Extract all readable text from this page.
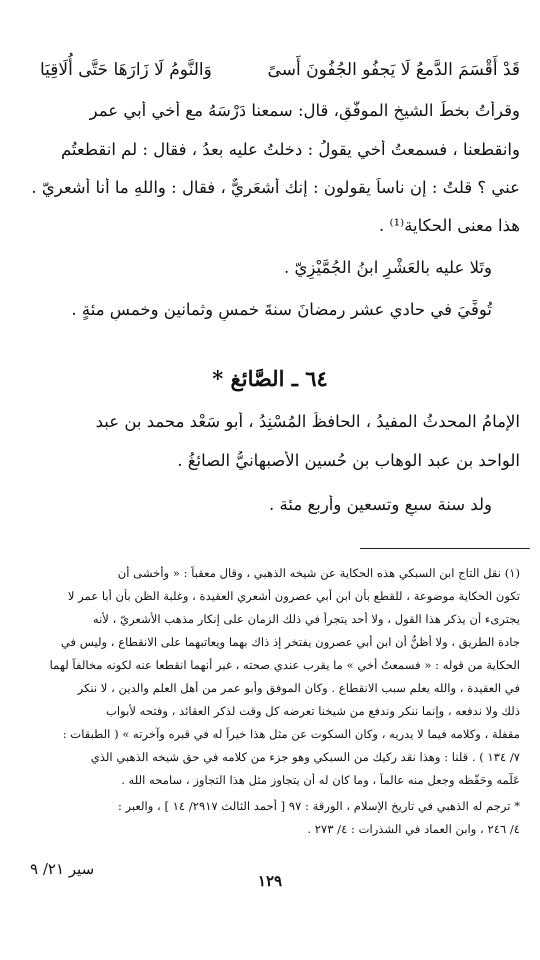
قَدْ أَقْسَمَ الدَّمعُ لَا يَجفُو الجُفُونَ أَسىً
وَالنَّومُ لَا زَارَهَا حَتَّى أُلَاقِيَا
وقرأتُ بخطِّ الشيخِ الموفَّقِ، قال: سمعنا دَرْسَهُ مع أخي أبي عمر
وانقطعنا ، فسمعتُ أخي يقولُ : دخلتُ عليه بعدُ ، فقال : لم انقطعتُم
عني ؟ قلتُ : إن ناساً يقولون : إنك أشعَريٌّ ، فقال : واللهِ ما أنا أشعريّ .
هذا معنى الحكاية⁽¹⁾ .
وتَلا عليه بالعَشْرِ ابنُ الجُمَّيْزِيّ .
تُوفِّيَ في حادي عشر رمضانَ سنةَ خمسٍ وثمانين وخمسِ مئةٍ .
٦٤ ـ الصَّائغ *
الإمامُ المحدثُ المفيدُ ، الحافظُ المُسْنِدُ ، أبو سَعْد محمد بن عبد
الواحد بن عبد الوهاب بن حُسين الأصبهانيُّ الصائغُ .
ولد سنة سبعٍ وتسعين وأربع مئة .
(١) نقل التاج ابن السبكي هذه الحكاية عن شيخه الذهبي ، وقال معقباً : « وأخشى أن
تكون الحكاية موضوعة ، للقطع بأن ابن أبي عصرون أشعري العقيدة ، وغلبة الظن بأن أبا عمر لا
يجترىء أن يذكر هذا القول ، ولا أحد يتجرأ في ذلك الزمان على إنكار مذهب الأشعريّ ، لأنه
جادة الطريق ، ولا أظنُّ أن ابن أبي عصرون يفتخر إذ ذاك بهما ويعاتبهما على الانقطاع ، وليس في
الحكاية من قوله : « فسمعتُ أخي » ما يقرب عندي صحته ، غير أنهما انقطعا عنه لكونه مخالفاً لهما
في العقيدة ، والله يعلم سبب الانقطاع . وكان الموفق وأبو عمر من أهل العلم والدين ، لا ننكر
ذلك ولا ندفعه ، وإنما ننكر وندفع من شيخنا تعرضه كل وقت لذكر العقائد ، وفتحه لأبواب
مقفلة ، وكلامه فيما لا يدريه ، وكان السكوت عن مثل هذا خيراً له في قبره وآخرته » ( الطبقات :
٧/ ١٣٤ ) . قلنا : وهذا نقد ركيك من السبكي وهو جزء من كلامه في حق شيخه الذهبي الذي
عَلّمه وحَفّظه وجعل منه عالماً ، وما كان له أن يتجاوز مثل هذا التجاوز ، سامحه الله .
* ترجم له الذهبي في تاريخ الإسلام ، الورقة : ٩٧ [ أحمد الثالث ٢٩١٧/ ١٤ ] ، والعبر :
٤/ ٢٤٦ ، وابن العماد في الشذرات : ٤/ ٢٧٣ .
سير ٢١/ ٩
١٢٩
